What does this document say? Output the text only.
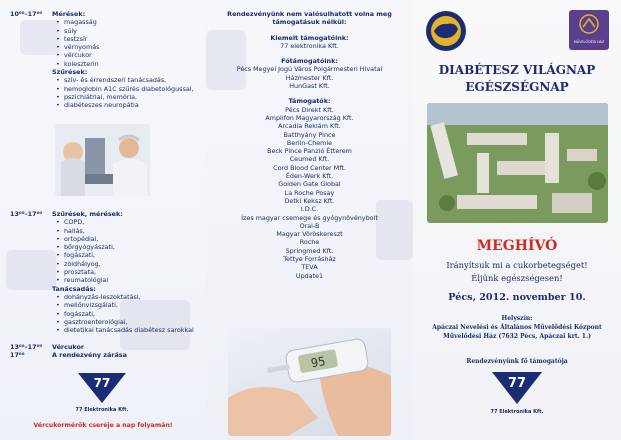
10⁰⁰–17⁰⁰ Mérések:
• magasság
• súly
• testzsír
• vérnyomás
• vércukor
• koleszterin
Szűrések:
• szív- és érrendszeri tanácsadás,
• hemoglobin A1C szűrés diabetológussal,
• pszichiátriai, memória,
• diabéteszes neuropátia
13⁰⁰–17⁰⁰ Szűrések, mérések:
• COPD,
• hallás,
• ortopédiai,
• bőrgyógyászati,
• fogászati,
• zöldhályog,
• prosztata,
• reumatológiai
Tanácsadás:
• dohányzás-leszoktatási,
• mellőnvizsgálati,
• fogászati,
• gasztroenterológiai,
• dietetikai tanácsadás diabétesz sarokkal
13⁰⁰–17⁰⁰ Vércukor
17⁰⁰	A rendezvény zárása
77
77 Elektronika Kft.
Vércukormérők cseréje a nap folyamán!
Rendezvényünk nem valósulhatott volna meg támogatásuk nélkül:
Kiemelt támogatóink:
77 elektronika Kft.
Fótámogatóink:
Pécs Megyei Jogú Város Polgármesteri Hivatal
Házmester Kft.
HunGast Kft.
Támogatók:
Pécs Direkt Kft.
Amplifon Magyarország Kft.
Arcadia Reklám Kft.
Batthyány Pince
Berlin-Chemie
Beck Pince Panzió Étterem
Ceumed Kft.
Cord Blood Center Mft.
Éden-Werk Kft.
Golden Gate Global
La Roche Posay
Detki Keksz Kft.
I.D.C.
Ízes magyar csemege és gyógynövénybolt
Oral-B
Magyar Vöröskereszt
Roche
Springmed Kft.
Tettye Forrásház
TEVA
Update1
95
MŰVELŐDÉSI HÁZ
DIABÉTESZ VILÁGNAP
EGÉSZSÉGNAP
MEGHÍVÓ
Irányítsuk mi a cukorbetegséget!
Éljünk egészségesen!
Pécs, 2012. november 10.
Helyszín:
Apáczai Nevelési és Általános Művelődési Központ
Művelődési Ház (7632 Pécs, Apáczai krt. 1.)
Rendezvényünk fő támogatója
77
77 Elektronika Kft.
